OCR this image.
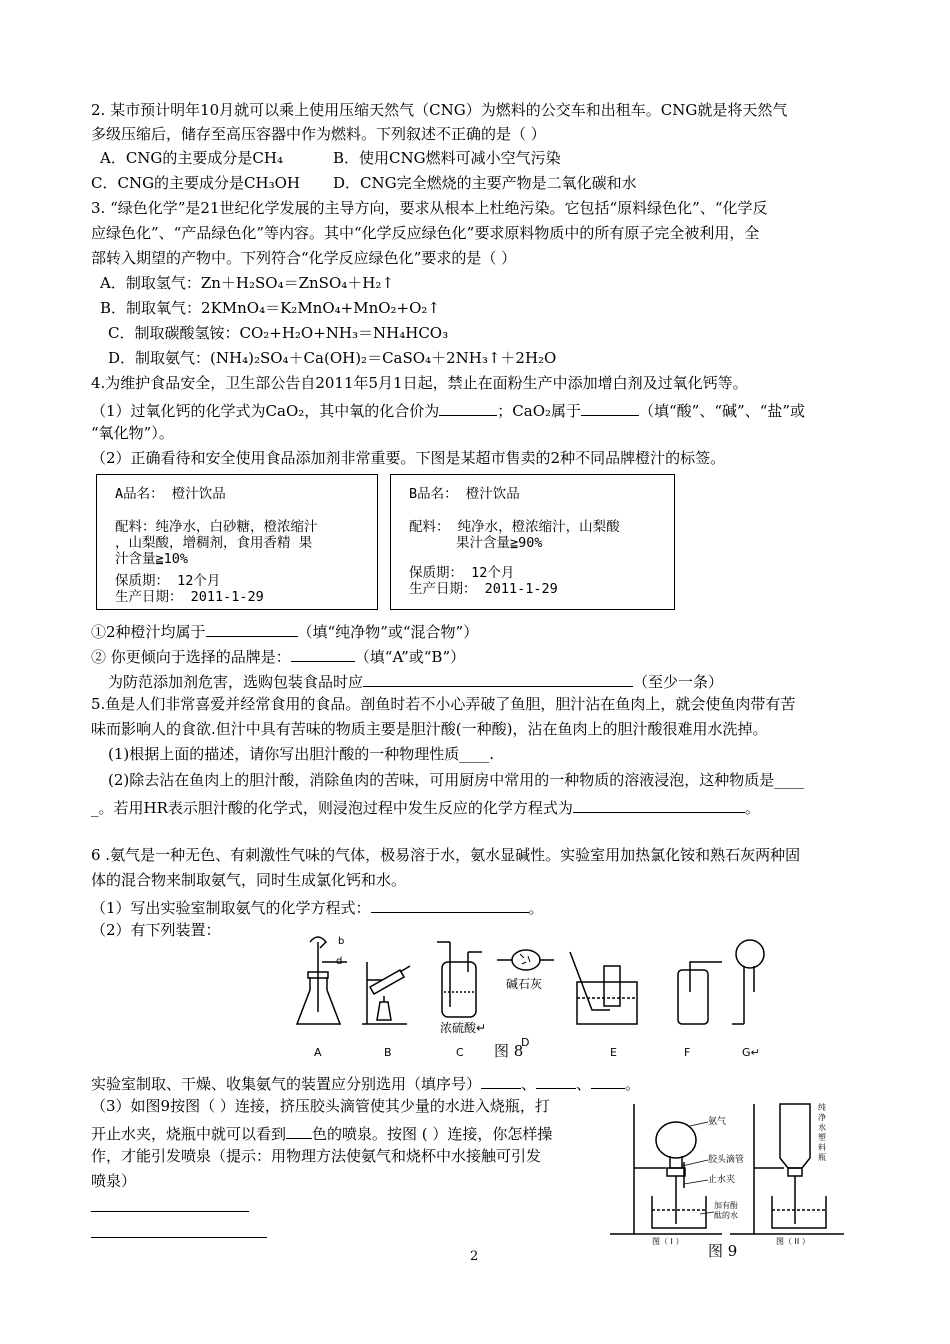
2. 某市预计明年10月就可以乘上使用压缩天然气（CNG）为燃料的公交车和出租车。CNG就是将天然气
多级压缩后，储存至高压容器中作为燃料。下列叙述不正确的是（ ）
A．CNG的主要成分是CH₄	B．使用CNG燃料可减小空气污染
C．CNG的主要成分是CH₃OH D．CNG完全燃烧的主要产物是二氧化碳和水
3. “绿色化学”是21世纪化学发展的主导方向，要求从根本上杜绝污染。它包括“原料绿色化”、“化学反
应绿色化”、“产品绿色化”等内容。其中“化学反应绿色化”要求原料物质中的所有原子完全被利用，全
部转入期望的产物中。下列符合“化学反应绿色化”要求的是（ ）
A．制取氢气：Zn＋H₂SO₄＝ZnSO₄＋H₂↑
B．制取氧气：2KMnO₄＝K₂MnO₄+MnO₂+O₂↑
C．制取碳酸氢铵：CO₂+H₂O+NH₃＝NH₄HCO₃
D．制取氨气：(NH₄)₂SO₄＋Ca(OH)₂＝CaSO₄＋2NH₃↑＋2H₂O
4.为维护食品安全，卫生部公告自2011年5月1日起，禁止在面粉生产中添加增白剂及过氧化钙等。
（1）过氧化钙的化学式为CaO₂，其中氧的化合价为	；CaO₂属于	（填“酸”、“碱”、“盐”或
“氧化物”）。
（2）正确看待和安全使用食品添加剂非常重要。下图是某超市售卖的2种不同品牌橙汁的标签。
A品名： 橙汁饮品
配料：纯净水，白砂糖，橙浓缩汁
，山梨酸，增稠剂，食用香精 果
汁含量≧10%
保质期： 12个月
生产日期： 2011-1-29
B品名： 橙汁饮品
配料： 纯净水，橙浓缩汁，山梨酸
果汁含量≧90%
保质期： 12个月
生产日期： 2011-1-29
①2种橙汁均属于	（填“纯净物”或“混合物”）
② 你更倾向于选择的品牌是：	（填“A”或“B”）
为防范添加剂危害，选购包装食品时应	（至少一条）
5.鱼是人们非常喜爱并经常食用的食品。剖鱼时若不小心弄破了鱼胆，胆汁沾在鱼肉上，就会使鱼肉带有苦
味而影响人的食欲.但汁中具有苦味的物质主要是胆汁酸(一种酸)，沾在鱼肉上的胆汁酸很难用水洗掉。
(1)根据上面的描述，请你写出胆汁酸的一种物理性质____.
(2)除去沾在鱼肉上的胆汁酸，消除鱼肉的苦味，可用厨房中常用的一种物质的溶液浸泡，这种物质是____
_。若用HR表示胆汁酸的化学式，则浸泡过程中发生反应的化学方程式为	。
6 .氨气是一种无色、有刺激性气味的气体，极易溶于水，氨水显碱性。实验室用加热氯化铵和熟石灰两种固
体的混合物来制取氨气，同时生成氯化钙和水。
（1）写出实验室制取氨气的化学方程式：	。
（2）有下列装置：
b
d
浓硫酸↵
碱石灰
A	B	C
D
E	F	G↵
图 8
实验室制取、干燥、收集氨气的装置应分别选用（填序号）	、	、 。
（3）如图9按图（ ）连接，挤压胶头滴管使其少量的水进入烧瓶，打
开止水夹，烧瓶中就可以看到 色的喷泉。按图 ( ）连接，你怎样操
作，才能引发喷泉（提示：用物理方法使氨气和烧杯中水接触可引发
喷泉）
氨气
胶头滴管
止水夹
加有酚
酞的水
纯
净
水
塑
料
瓶
图（ I ）	图（ II ）
图 9
2
